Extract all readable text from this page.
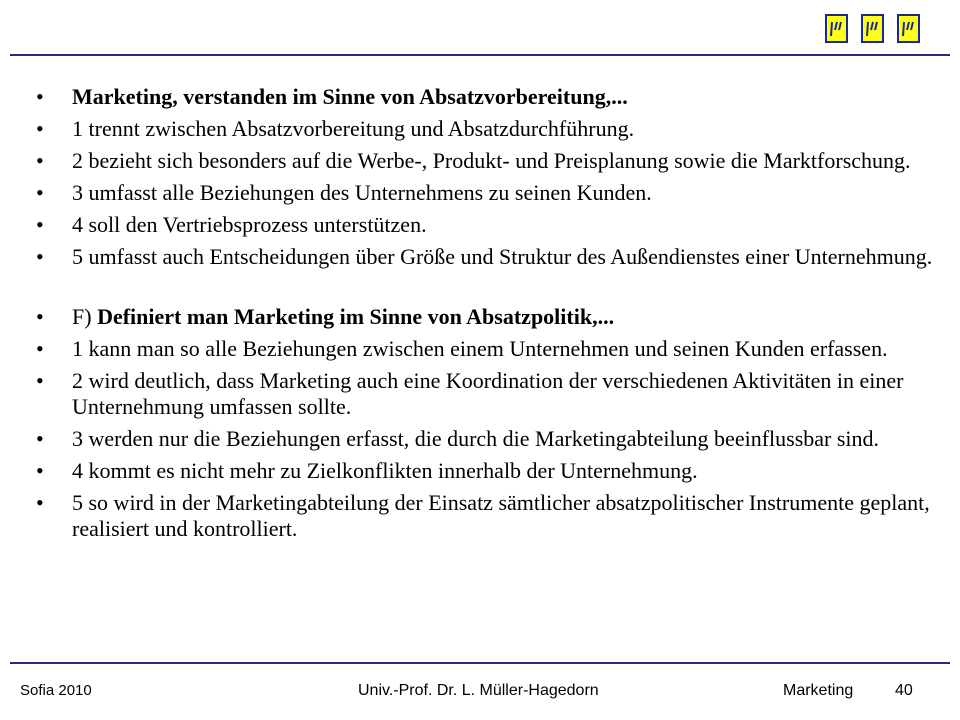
•	Marketing, verstanden im Sinne von Absatzvorbereitung,...
•	1 trennt zwischen Absatzvorbereitung und Absatzdurchführung.
•	2 bezieht sich besonders auf die Werbe-, Produkt- und Preisplanung sowie die Marktforschung.
•	3 umfasst alle Beziehungen des Unternehmens zu seinen Kunden.
•	4 soll den Vertriebsprozess unterstützen.
•	5 umfasst auch Entscheidungen über Größe und Struktur des Außendienstes einer Unternehmung.
•	F) Definiert man Marketing im Sinne von Absatzpolitik,...
•	1 kann man so alle Beziehungen zwischen einem Unternehmen und seinen Kunden erfassen.
•	2 wird deutlich, dass Marketing auch eine Koordination der verschiedenen Aktivitäten in einer Unternehmung umfassen sollte.
•	3 werden nur die Beziehungen erfasst, die durch die Marketingabteilung beeinflussbar sind.
•	4 kommt es nicht mehr zu Zielkonflikten innerhalb der Unternehmung.
•	5 so wird in der Marketingabteilung der Einsatz sämtlicher absatzpolitischer Instrumente geplant, realisiert und kontrolliert.
Sofia 2010	Univ.-Prof. Dr. L. Müller-Hagedorn	Marketing	40
